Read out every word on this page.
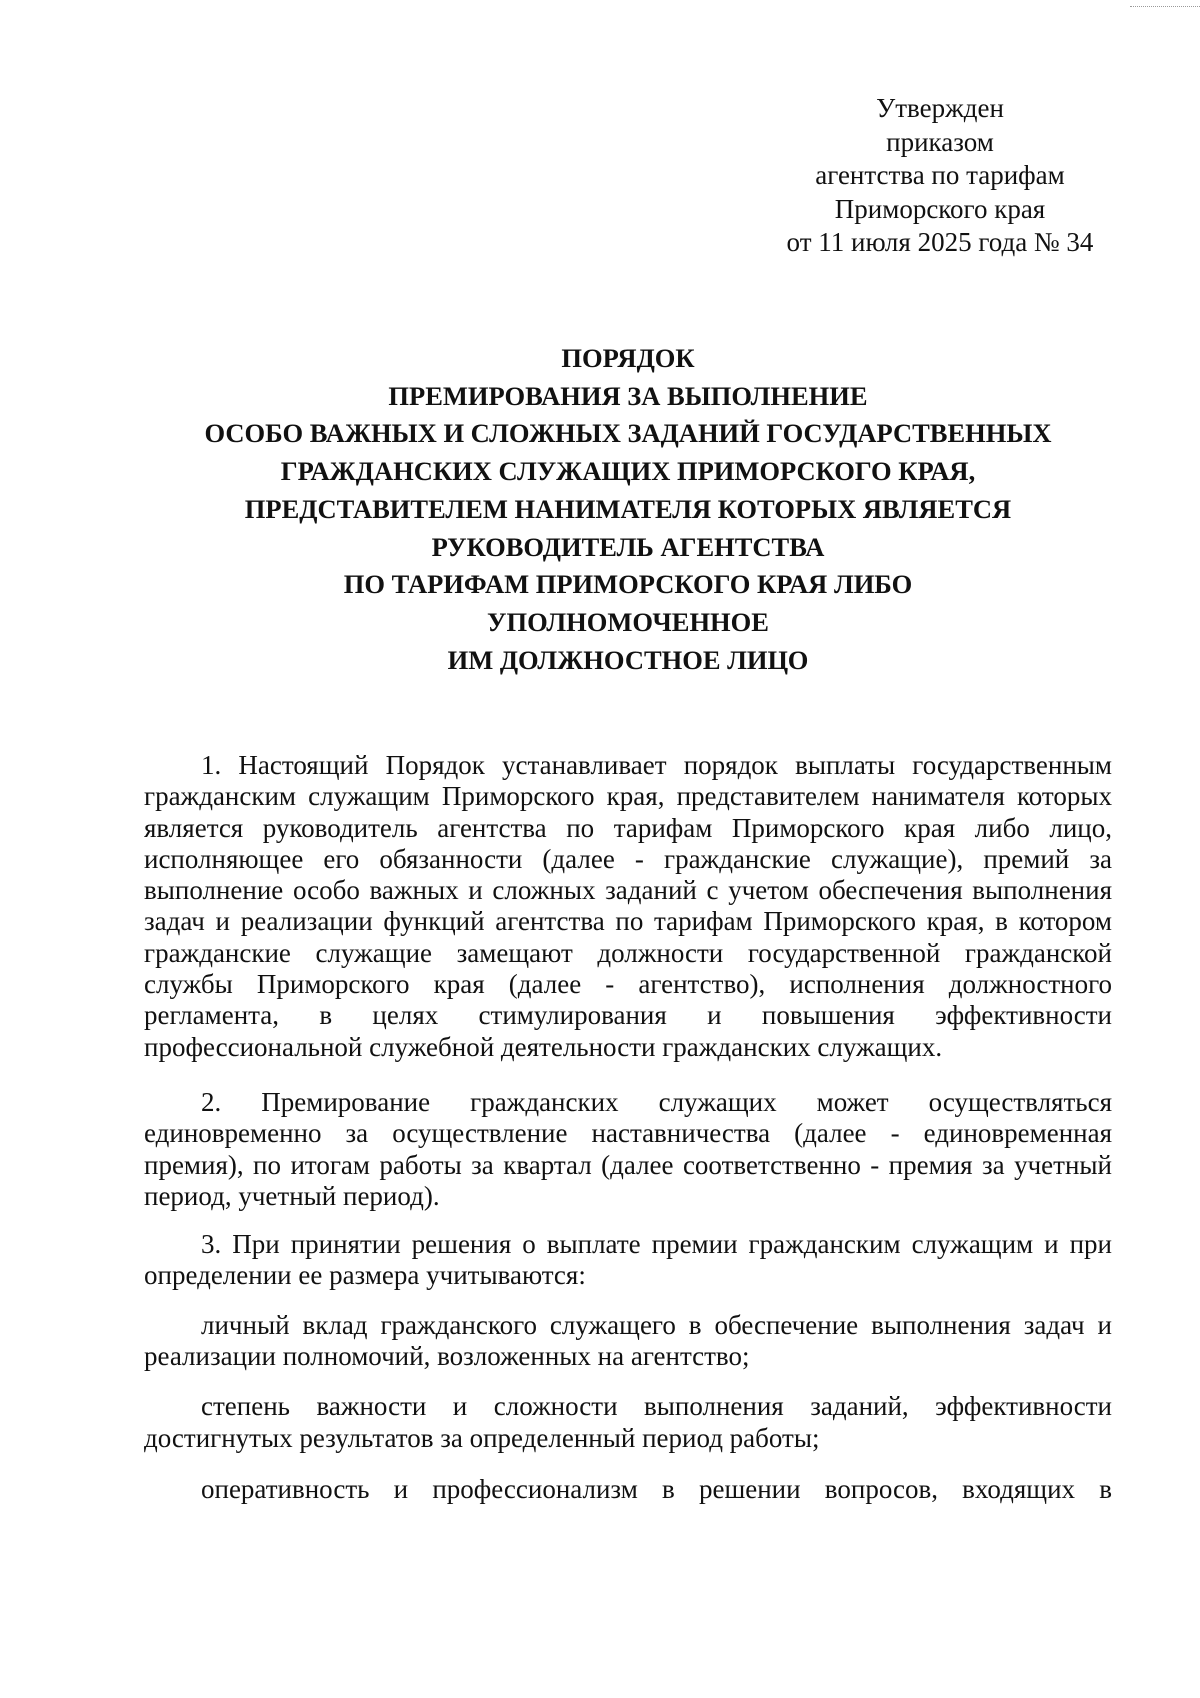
Утвержден
приказом
агентства по тарифам
Приморского края
от 11 июля 2025 года № 34
ПОРЯДОК
ПРЕМИРОВАНИЯ ЗА ВЫПОЛНЕНИЕ
ОСОБО ВАЖНЫХ И СЛОЖНЫХ ЗАДАНИЙ ГОСУДАРСТВЕННЫХ
ГРАЖДАНСКИХ СЛУЖАЩИХ ПРИМОРСКОГО КРАЯ,
ПРЕДСТАВИТЕЛЕМ НАНИМАТЕЛЯ КОТОРЫХ ЯВЛЯЕТСЯ
РУКОВОДИТЕЛЬ АГЕНТСТВА
ПО ТАРИФАМ ПРИМОРСКОГО КРАЯ ЛИБО
УПОЛНОМОЧЕННОЕ
ИМ ДОЛЖНОСТНОЕ ЛИЦО

1. Настоящий Порядок устанавливает порядок выплаты государственным гражданским служащим Приморского края, представителем нанимателя которых является руководитель агентства по тарифам Приморского края либо лицо, исполняющее его обязанности (далее - гражданские служащие), премий за выполнение особо важных и сложных заданий с учетом обеспечения выполнения задач и реализации функций агентства по тарифам Приморского края, в котором гражданские служащие замещают должности государственной гражданской службы Приморского края (далее - агентство), исполнения должностного регламента, в целях стимулирования и повышения эффективности профессиональной служебной деятельности гражданских служащих.

2. Премирование гражданских служащих может осуществляться единовременно за осуществление наставничества (далее - единовременная премия), по итогам работы за квартал (далее соответственно - премия за учетный период, учетный период).

3. При принятии решения о выплате премии гражданским служащим и при определении ее размера учитываются:

личный вклад гражданского служащего в обеспечение выполнения задач и реализации полномочий, возложенных на агентство;

степень важности и сложности выполнения заданий, эффективности достигнутых результатов за определенный период работы;

оперативность и профессионализм в решении вопросов, входящих в
